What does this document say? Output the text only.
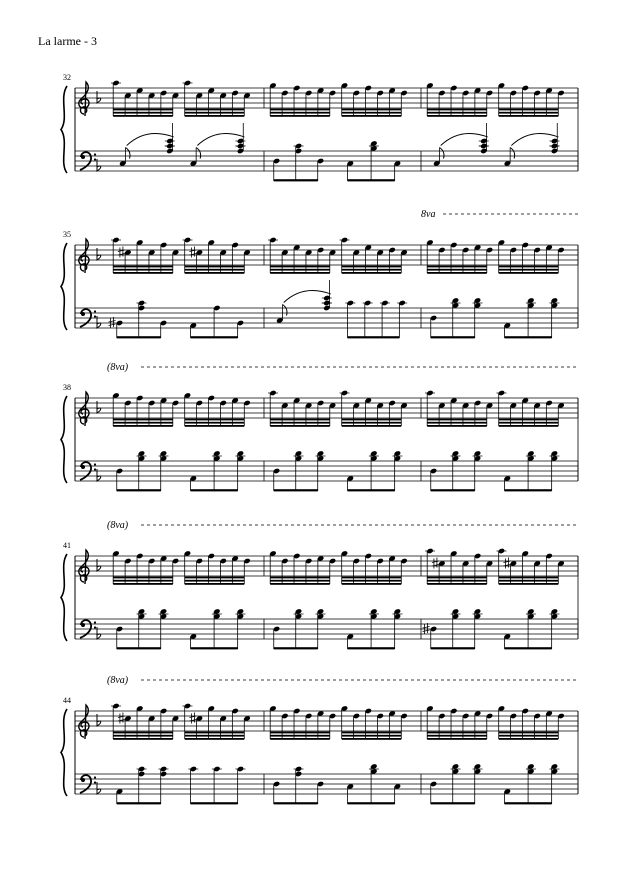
La larme - 3
32
35
8va
38
(8va)
41
(8va)
44
(8va)
